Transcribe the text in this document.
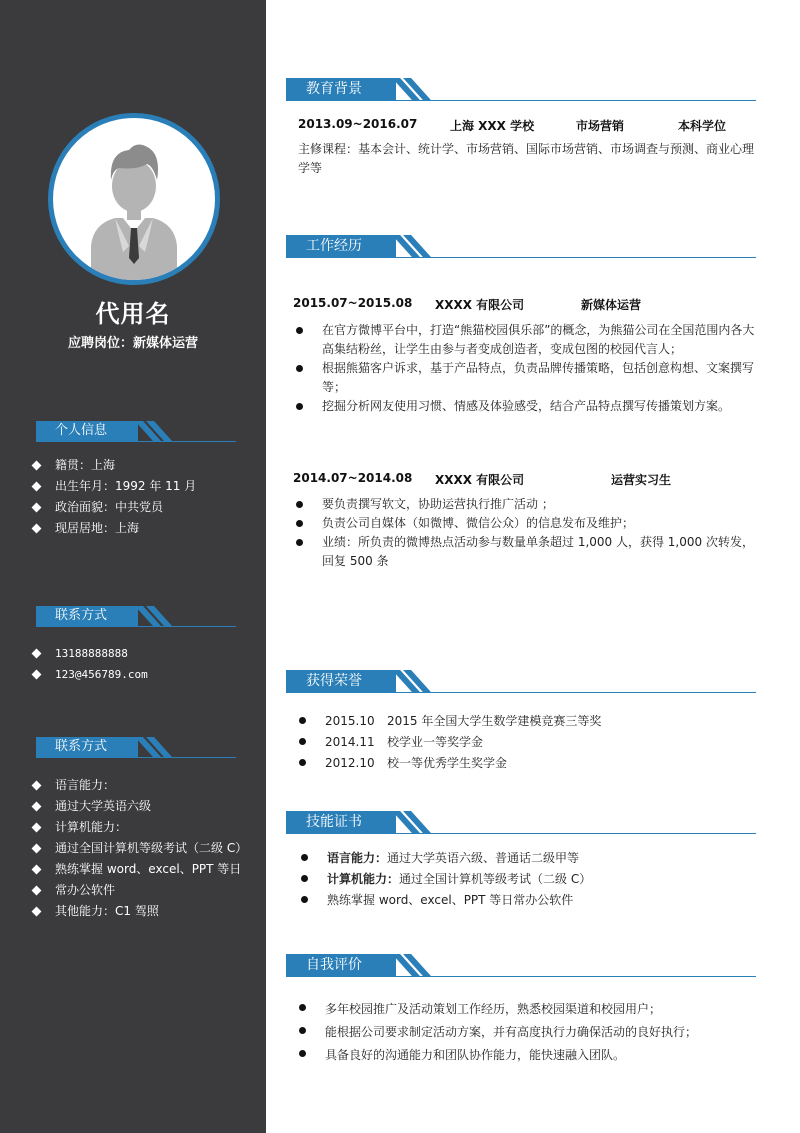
代用名
应聘岗位：新媒体运营
个人信息
籍贯：上海
出生年月：1992 年 11 月
政治面貌：中共党员
现居居地：上海
联系方式
13188888888
123@456789.com
联系方式
语言能力：
通过大学英语六级
计算机能力：
通过全国计算机等级考试（二级 C）
熟练掌握 word、excel、PPT 等日
常办公软件
其他能力：C1 驾照
教育背景
2013.09~2016.07	上海 XXX 学校	市场营销	本科学位
主修课程：基本会计、统计学、市场营销、国际市场营销、市场调查与预测、商业心理学等
工作经历
2015.07~2015.08 XXXX 有限公司	新媒体运营
在官方微博平台中，打造“熊猫校园俱乐部”的概念，为熊猫公司在全国范围内各大高集结粉丝，让学生由参与者变成创造者，变成包图的校园代言人；
根据熊猫客户诉求，基于产品特点，负责品牌传播策略，包括创意构想、文案撰写等；
挖掘分析网友使用习惯、情感及体验感受，结合产品特点撰写传播策划方案。
2014.07~2014.08 XXXX 有限公司	运营实习生
要负责撰写软文，协助运营执行推广活动 ；
负责公司自媒体（如微博、微信公众）的信息发布及维护；
业绩：所负责的微博热点活动参与数量单条超过 1,000 人，获得 1,000 次转发，回复 500 条
获得荣誉
2015.10 2015 年全国大学生数学建模竞赛三等奖
2014.11 校学业一等奖学金
2012.10 校一等优秀学生奖学金
技能证书
语言能力：通过大学英语六级、普通话二级甲等
计算机能力：通过全国计算机等级考试（二级 C）
熟练掌握 word、excel、PPT 等日常办公软件
自我评价
多年校园推广及活动策划工作经历，熟悉校园渠道和校园用户；
能根据公司要求制定活动方案，并有高度执行力确保活动的良好执行；
具备良好的沟通能力和团队协作能力，能快速融入团队。
